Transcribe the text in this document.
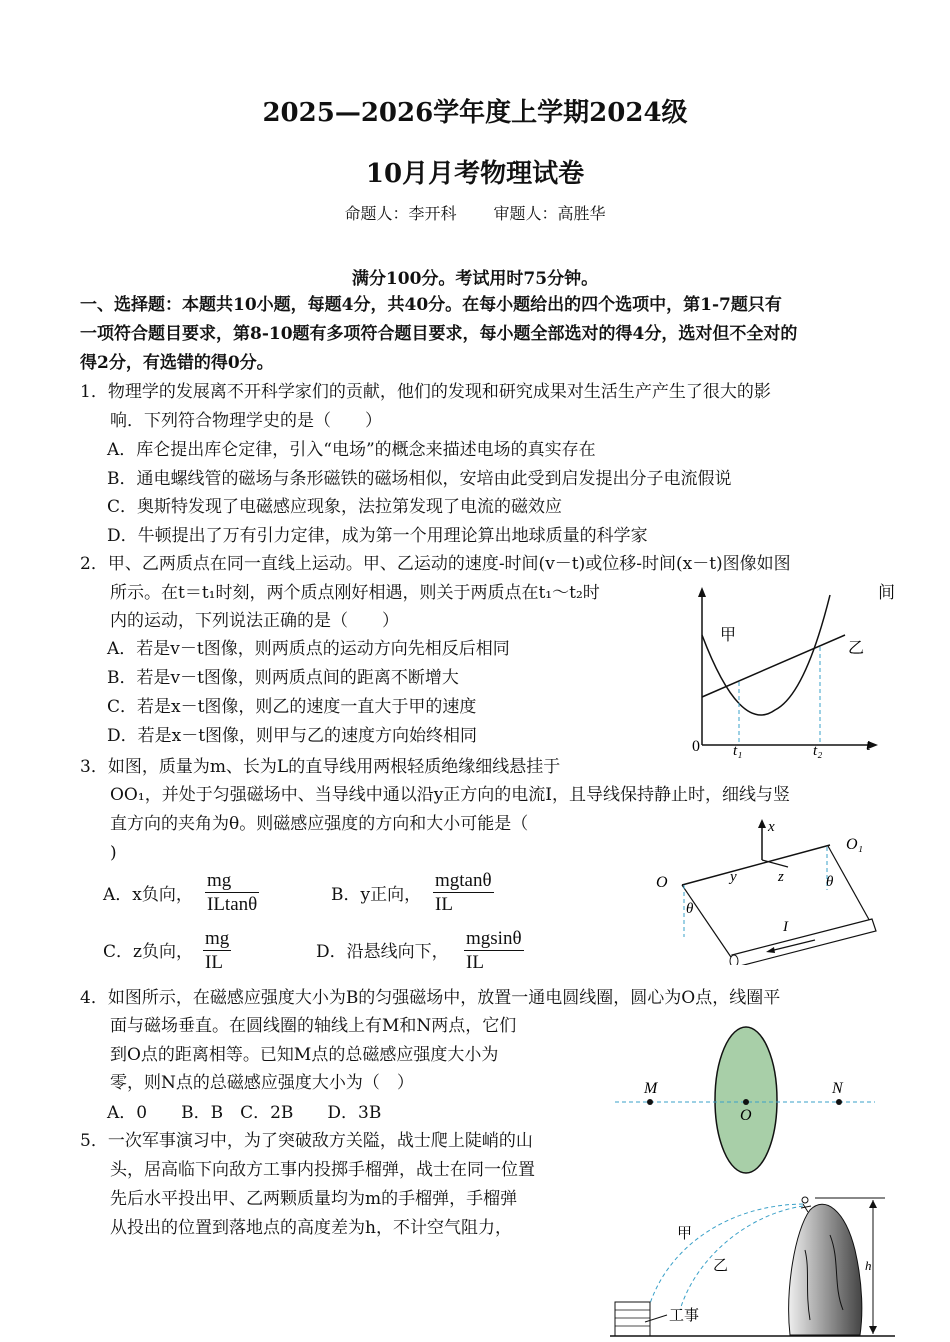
2025—2026学年度上学期2024级
10月月考物理试卷
命题人：李开科　　 审题人：高胜华
满分100分。考试用时75分钟。
一、选择题：本题共10小题，每题4分，共40分。在每小题给出的四个选项中，第1-7题只有
一项符合题目要求，第8-10题有多项符合题目要求，每小题全部选对的得4分，选对但不全对的
得2分，有选错的得0分。
1．物理学的发展离不开科学家们的贡献，他们的发现和研究成果对生活生产产生了很大的影
响．下列符合物理学史的是（　　）
A．库仑提出库仑定律，引入“电场”的概念来描述电场的真实存在
B．通电螺线管的磁场与条形磁铁的磁场相似，安培由此受到启发提出分子电流假说
C．奥斯特发现了电磁感应现象，法拉第发现了电流的磁效应
D．牛顿提出了万有引力定律，成为第一个用理论算出地球质量的科学家
2．甲、乙两质点在同一直线上运动。甲、乙运动的速度-时间(v－t)或位移-时间(x－t)图像如图
所示。在t＝t₁时刻，两个质点刚好相遇，则关于两质点在t₁～t₂时	间
内的运动，下列说法正确的是（　　）
A．若是v－t图像，则两质点的运动方向先相反后相同
B．若是v－t图像，则两质点间的距离不断增大
C．若是x－t图像，则乙的速度一直大于甲的速度
D．若是x－t图像，则甲与乙的速度方向始终相同
甲
乙
0 t₁	t₂	t
3．如图，质量为m、长为L的直导线用两根轻质绝缘细线悬挂于
OO₁，并处于匀强磁场中、当导线中通以沿y正方向的电流I，且导线保持静止时，细线与竖
直方向的夹角为θ。则磁感应强度的方向和大小可能是（
)
A．x负向， $\frac{mg}{ILtan\theta}$	B．y正向， $\frac{mgtan\theta}{IL}$
C．z负向， $\frac{mg}{IL}$	D．沿悬线向下， $\frac{mgsin\theta}{IL}$
x
y	z
O
O₁
θ
θ
I
4．如图所示，在磁感应强度大小为B的匀强磁场中，放置一通电圆线圈，圆心为O点，线圈平
面与磁场垂直。在圆线圈的轴线上有M和N两点，它们
到O点的距离相等。已知M点的总磁感应强度大小为
零，则N点的总磁感应强度大小为（　）
A．0　　B．B　C．2B　　D．3B
M
O
N
5．一次军事演习中，为了突破敌方关隘，战士爬上陡峭的山
头，居高临下向敌方工事内投掷手榴弹，战士在同一位置
先后水平投出甲、乙两颗质量均为m的手榴弹，手榴弹
从投出的位置到落地点的高度差为h，不计空气阻力，	甲
乙	h
工事
